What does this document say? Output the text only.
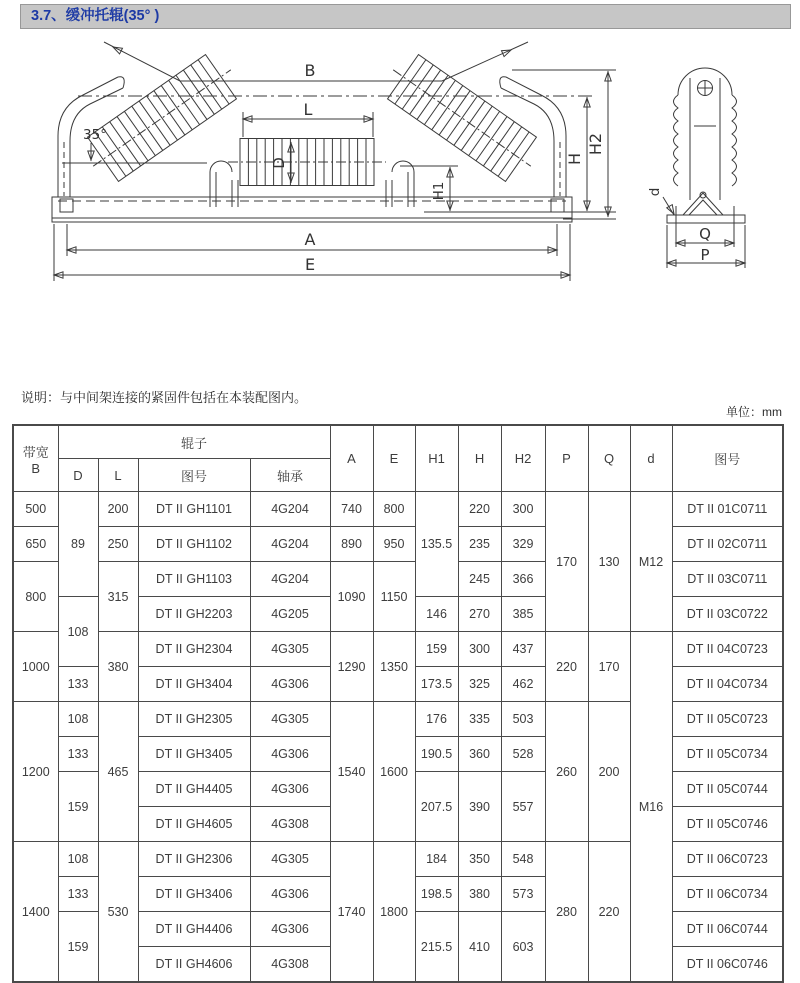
3.7、缓冲托辊(35° )
B
L
D
35°
A
E
H1
H
H2
d
Q
P
说明：与中间架连接的紧固件包括在本装配图内。
单位：mm
带宽
B	辊子				A	E	H1	H	H2	P	Q	d	图号
	D	L	图号	轴承									
500	89	200	DT II GH1101	4G204	740	800	135.5	220	300	170	130	M12	DT II 01C0711
650		250	DT II GH1102	4G204	890	950		235	329				DT II 02C0711
800		315	DT II GH1103	4G204	1090	1150		245	366				DT II 03C0711
	108		DT II GH2203	4G205			146	270	385				DT II 03C0722
1000		380	DT II GH2304	4G305	1290	1350	159	300	437	220	170	M16	DT II 04C0723
	133		DT II GH3404	4G306			173.5	325	462				DT II 04C0734
1200	108	465	DT II GH2305	4G305	1540	1600	176	335	503	260	200		DT II 05C0723
	133		DT II GH3405	4G306			190.5	360	528				DT II 05C0734
	159		DT II GH4405	4G306			207.5	390	557				DT II 05C0744
			DT II GH4605	4G308									DT II 05C0746
1400	108	530	DT II GH2306	4G305	1740	1800	184	350	548	280	220		DT II 06C0723
	133		DT II GH3406	4G306			198.5	380	573				DT II 06C0734
	159		DT II GH4406	4G306			215.5	410	603				DT II 06C0744
			DT II GH4606	4G308									DT II 06C0746
